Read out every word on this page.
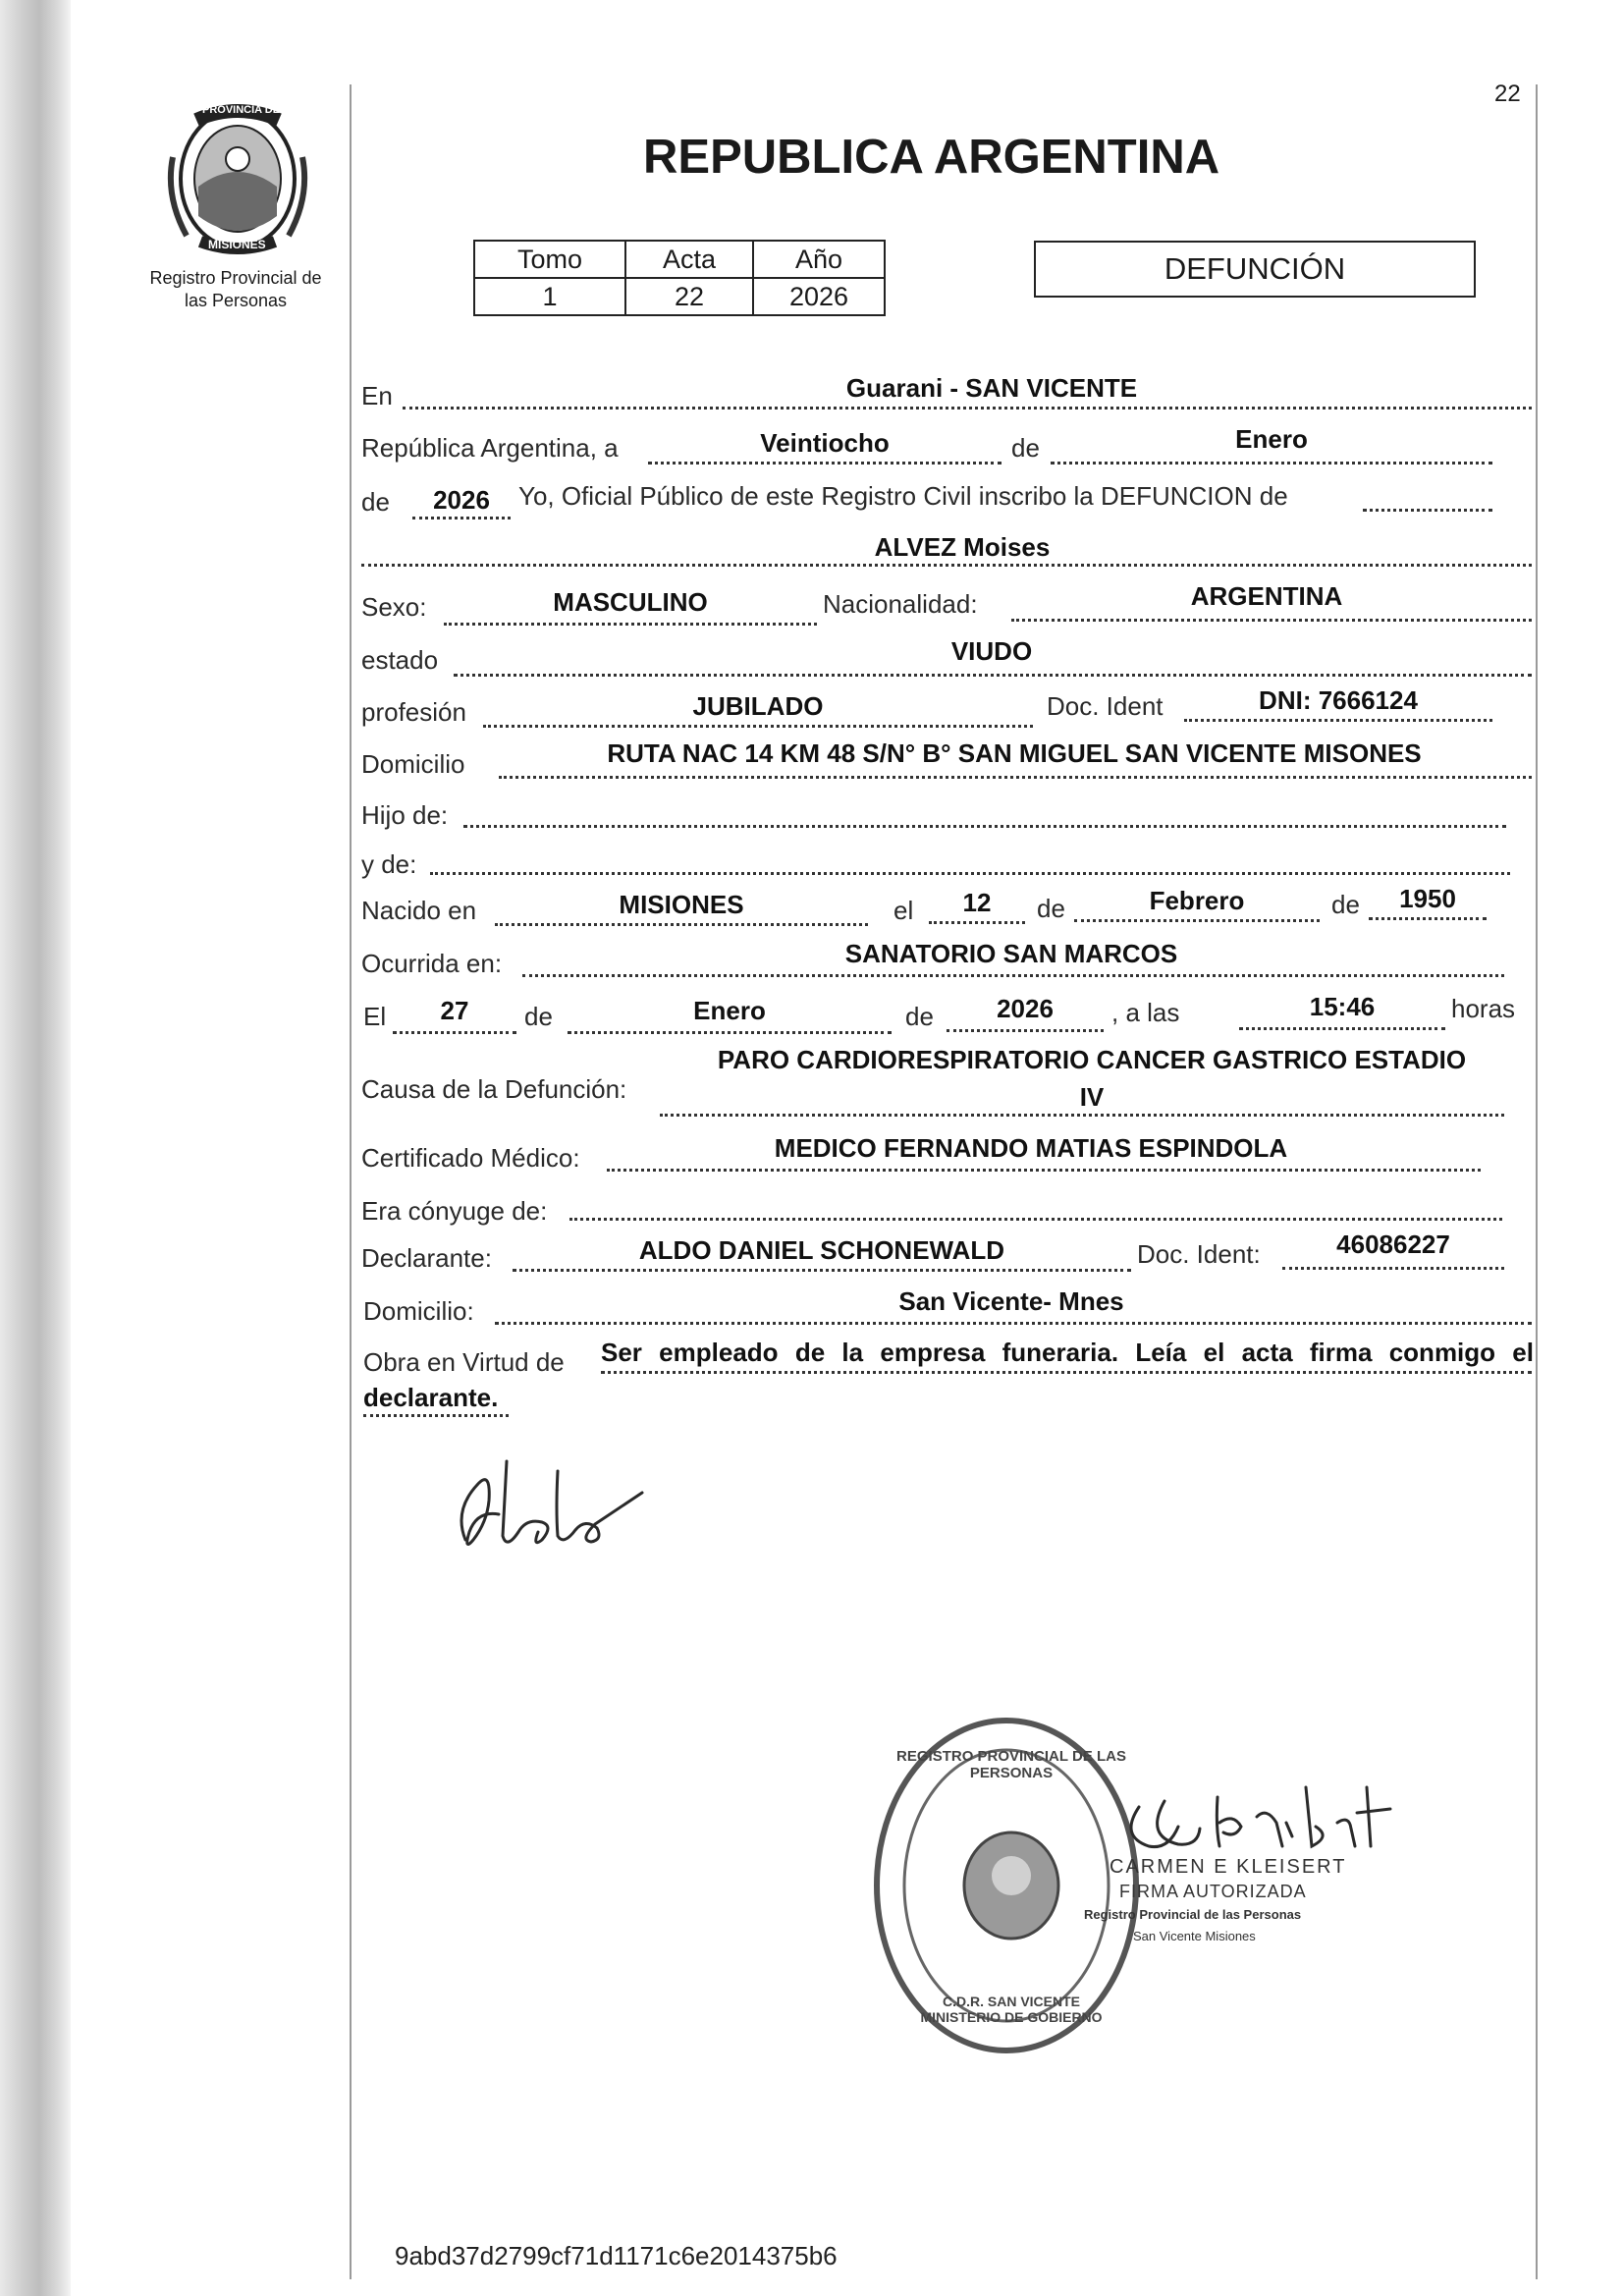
22
PROVINCIA DE
MISIONES
Registro Provincial de
las Personas
REPUBLICA ARGENTINA
Tomo	Acta	Año
1	22	2026
DEFUNCIÓN
En	Guarani - SAN VICENTE
República Argentina, a	Veintiocho	de	Enero
de	2026	Yo, Oficial Público de este Registro Civil inscribo la DEFUNCION de
ALVEZ Moises
Sexo:	MASCULINO	Nacionalidad:	ARGENTINA
estado	VIUDO
profesión	JUBILADO	Doc. Ident	DNI: 7666124
Domicilio	RUTA NAC 14 KM 48 S/N° B° SAN MIGUEL SAN VICENTE MISONES
Hijo de:
y de:
Nacido en	MISIONES	el	12	de	Febrero	de	1950
Ocurrida en:	SANATORIO SAN MARCOS
El	27	de	Enero	de	2026	, a las	15:46	horas
Causa de la Defunción:
PARO CARDIORESPIRATORIO CANCER GASTRICO ESTADIO
IV
Certificado Médico:	MEDICO FERNANDO MATIAS ESPINDOLA
Era cónyuge de:
Declarante:	ALDO DANIEL SCHONEWALD	Doc. Ident:	46086227
Domicilio:	San Vicente- Mnes
Obra en Virtud de Ser empleado de la empresa funeraria. Leía el acta firma conmigo el
declarante.
REGISTRO PROVINCIAL DE LAS PERSONAS
C.D.R. SAN VICENTE MINISTERIO DE GOBIERNO
CARMEN E KLEISERT
FIRMA AUTORIZADA
Registro Provincial de las Personas
San Vicente Misiones
9abd37d2799cf71d1171c6e2014375b6
